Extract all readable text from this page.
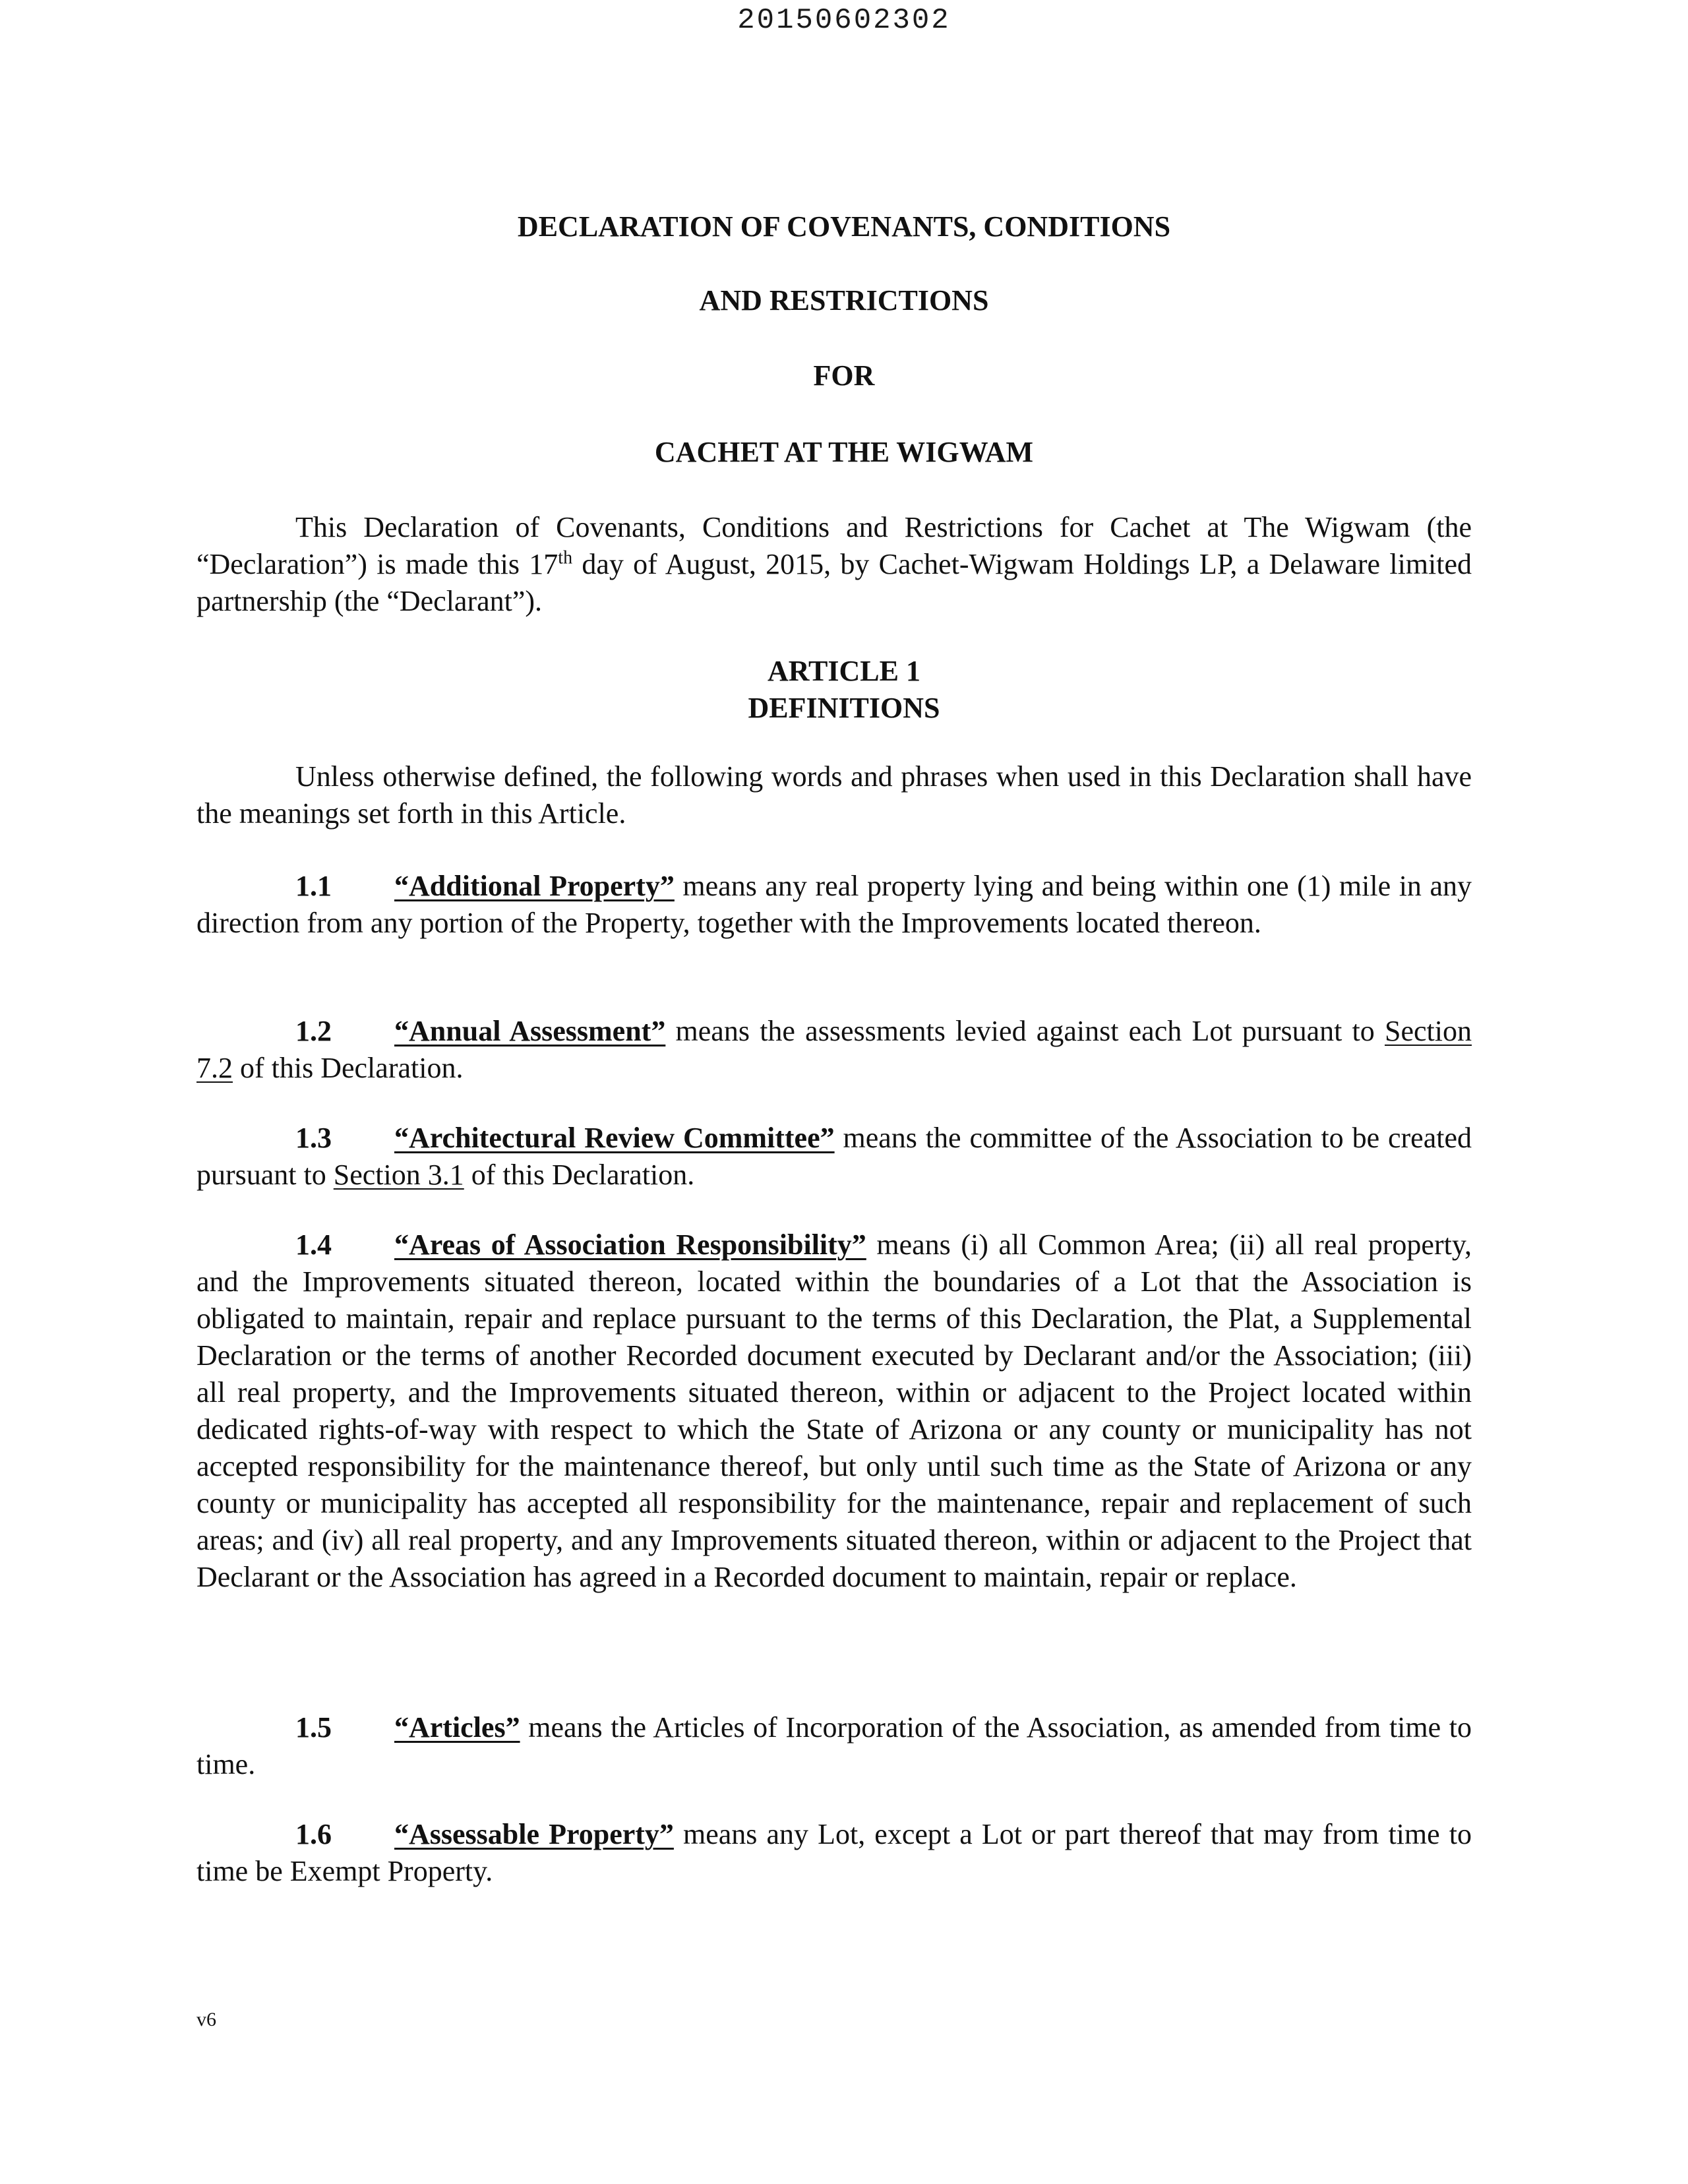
20150602302
DECLARATION OF COVENANTS, CONDITIONS
AND RESTRICTIONS
FOR
CACHET AT THE WIGWAM
This Declaration of Covenants, Conditions and Restrictions for Cachet at The Wigwam (the “Declaration”) is made this 17th day of August, 2015, by Cachet-Wigwam Holdings LP, a Delaware limited partnership (the “Declarant”).
ARTICLE 1
DEFINITIONS
Unless otherwise defined, the following words and phrases when used in this Declaration shall have the meanings set forth in this Article.
1.1 “Additional Property” means any real property lying and being within one (1) mile in any direction from any portion of the Property, together with the Improvements located thereon.
1.2 “Annual Assessment” means the assessments levied against each Lot pursuant to Section 7.2 of this Declaration.
1.3 “Architectural Review Committee” means the committee of the Association to be created pursuant to Section 3.1 of this Declaration.
1.4 “Areas of Association Responsibility” means (i) all Common Area; (ii) all real property, and the Improvements situated thereon, located within the boundaries of a Lot that the Association is obligated to maintain, repair and replace pursuant to the terms of this Declaration, the Plat, a Supplemental Declaration or the terms of another Recorded document executed by Declarant and/or the Association; (iii) all real property, and the Improvements situated thereon, within or adjacent to the Project located within dedicated rights-of-way with respect to which the State of Arizona or any county or municipality has not accepted responsibility for the maintenance thereof, but only until such time as the State of Arizona or any county or municipality has accepted all responsibility for the maintenance, repair and replacement of such areas; and (iv) all real property, and any Improvements situated thereon, within or adjacent to the Project that Declarant or the Association has agreed in a Recorded document to maintain, repair or replace.
1.5 “Articles” means the Articles of Incorporation of the Association, as amended from time to time.
1.6 “Assessable Property” means any Lot, except a Lot or part thereof that may from time to time be Exempt Property.
v6
